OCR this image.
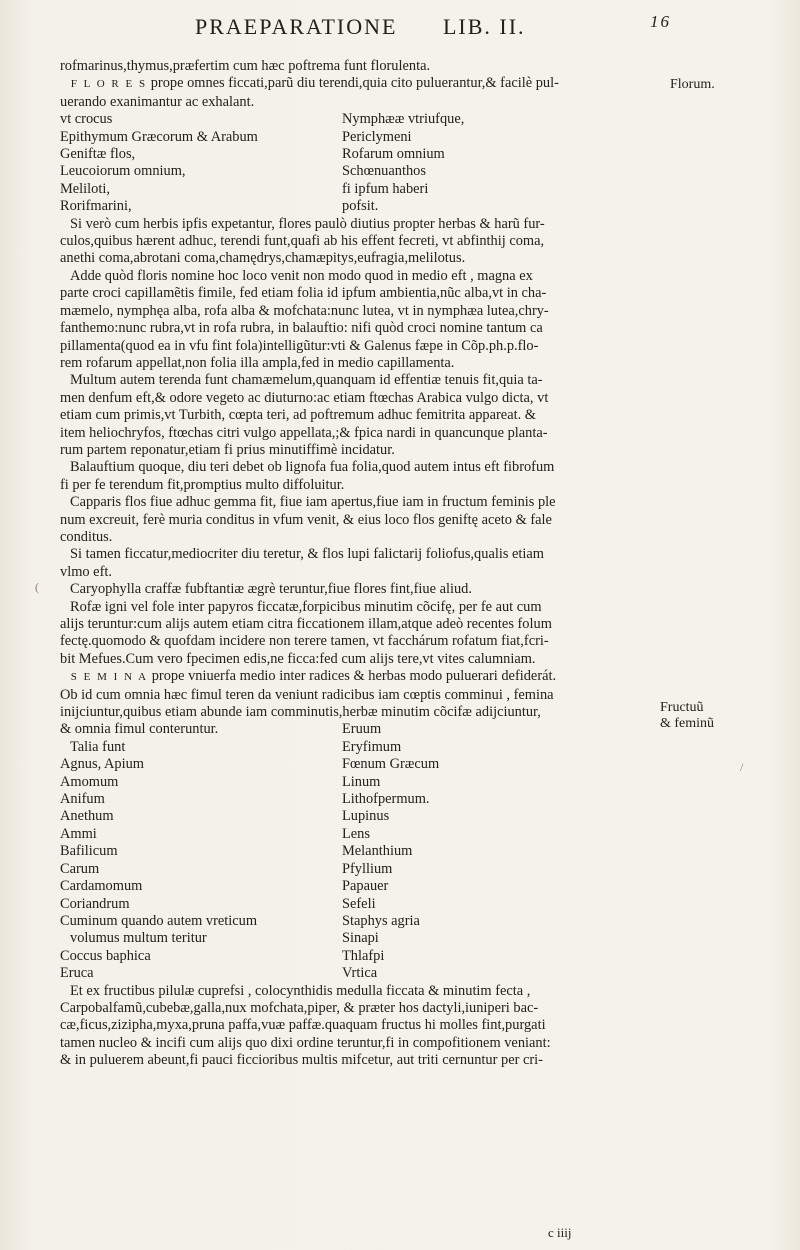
PRAEPARATIONE LIB. II.	16

rofmarinus,thymus,præfertim cum hæc poftrema funt florulenta.

F L O R E S prope omnes ficcati,parũ diu terendi,quia cito puluerantur,& facilè pul-

uerando exanimantur ac exhalant.

vt crocus

Epithymum Græcorum & Arabum

Geniftæ flos,

Leucoiorum omnium,

Meliloti,

Rorifmarini,

Nymphææ vtriufque,

Periclymeni

Rofarum omnium

Schœnuanthos

fi ipfum haberi

pofsit.

Si verò cum herbis ipfis expetantur, flores paulò diutius propter herbas & harũ fur-

culos,quibus hærent adhuc, terendi funt,quafi ab his effent fecreti, vt abfinthij coma,

anethi coma,abrotani coma,chamędrys,chamæpitys,eufragia,melilotus.

Adde quòd floris nomine hoc loco venit non modo quod in medio eft , magna ex

parte croci capillamẽtis fimile, fed etiam folia id ipfum ambientia,nũc alba,vt in cha-

mæmelo, nymphęa alba, rofa alba & mofchata:nunc lutea, vt in nymphæa lutea,chry-

fanthemo:nunc rubra,vt in rofa rubra, in balauftio: nifi quòd croci nomine tantum ca

pillamenta(quod ea in vfu fint fola)intelligũtur:vti & Galenus fæpe in Cõp.ph.p.flo-

rem rofarum appellat,non folia illa ampla,fed in medio capillamenta.

Multum autem terenda funt chamæmelum,quanquam id effentiæ tenuis fit,quia ta-

men denfum eft,& odore vegeto ac diuturno:ac etiam ftœchas Arabica vulgo dicta, vt

etiam cum primis,vt Turbith, cœpta teri, ad poftremum adhuc femitrita appareat. &

item heliochryfos, ftœchas citri vulgo appellata,;& fpica nardi in quancunque planta-

rum partem reponatur,etiam fi prius minutiffimè incidatur.

Balauftium quoque, diu teri debet ob lignofa fua folia,quod autem intus eft fibrofum

fi per fe terendum fit,promptius multo diffoluitur.

Capparis flos fiue adhuc gemma fit, fiue iam apertus,fiue iam in fructum feminis ple

num excreuit, ferè muria conditus in vfum venit, & eius loco flos geniftę aceto & fale

conditus.

Si tamen ficcatur,mediocriter diu teretur, & flos lupi falictarij foliofus,qualis etiam

vlmo eft.

Caryophylla craffæ fubftantiæ ægrè teruntur,fiue flores fint,fiue aliud.

Rofæ igni vel fole inter papyros ficcatæ,forpicibus minutim cõcifę, per fe aut cum

alijs teruntur:cum alijs autem etiam citra ficcationem illam,atque adeò recentes folum

fectę.quomodo & quofdam incidere non terere tamen, vt facchárum rofatum fiat,fcri-

bit Mefues.Cum vero fpecimen edis,ne ficca:fed cum alijs tere,vt vites calumniam.

S E M I N A prope vniuerfa medio inter radices & herbas modo puluerari defiderát.

Ob id cum omnia hæc fimul teren da veniunt radicibus iam cœptis comminui , femina

inijciuntur,quibus etiam abunde iam comminutis,herbæ minutim cõcifæ adijciuntur,

& omnia fimul conteruntur.

Talia funt

Agnus, Apium

Amomum

Anifum

Anethum

Ammi

Bafilicum

Carum

Cardamomum

Coriandrum

Cuminum quando autem vreticum

volumus multum teritur

Coccus baphica

Eruca

Eruum

Eryfimum

Fœnum Græcum

Linum

Lithofpermum.

Lupinus

Lens

Melanthium

Pfyllium

Papauer

Sefeli

Staphys agria

Sinapi

Thlafpi

Vrtica

Et ex fructibus pilulæ cuprefsi , colocynthidis medulla ficcata & minutim fecta ,

Carpobalfamũ,cubebæ,galla,nux mofchata,piper, & præter hos dactyli,iuniperi bac-

cæ,ficus,zizipha,myxa,pruna paffa,vuæ paffæ.quaquam fructus hi molles fint,purgati

tamen nucleo & incifi cum alijs quo dixi ordine teruntur,fi in compofitionem veniant:

& in puluerem abeunt,fi pauci ficcioribus multis mifcetur, aut triti cernuntur per cri-

Florum.
Fructuũ
& feminũ
c iiij
(
/
